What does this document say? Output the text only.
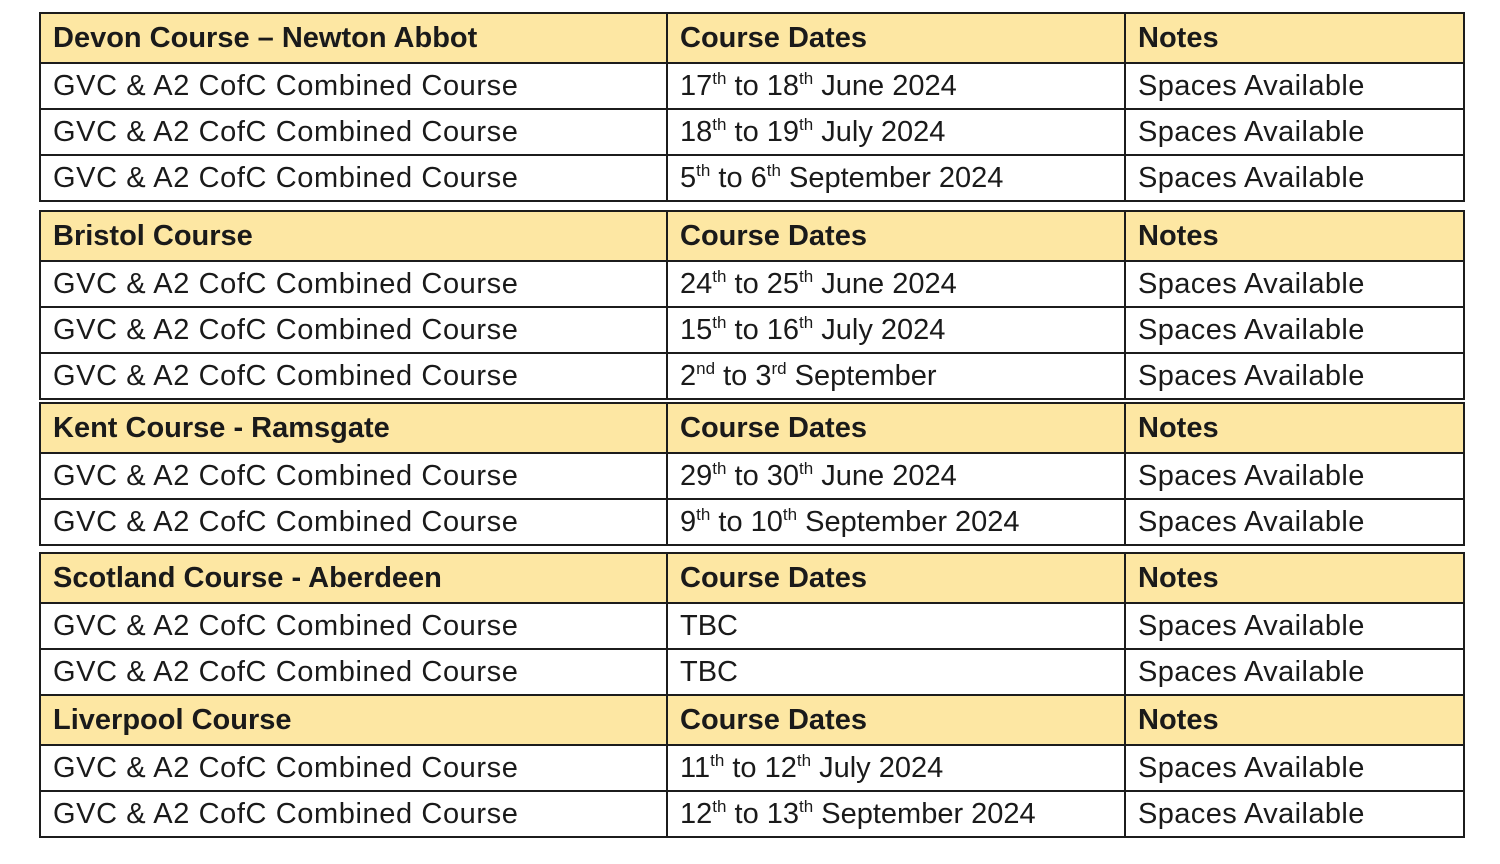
Devon Course – Newton Abbot	Course Dates	Notes
GVC & A2 CofC Combined Course	17th to 18th June 2024	Spaces Available
GVC & A2 CofC Combined Course	18th to 19th July 2024	Spaces Available
GVC & A2 CofC Combined Course	5th to 6th September 2024	Spaces Available
Bristol Course	Course Dates	Notes
GVC & A2 CofC Combined Course	24th to 25th June 2024	Spaces Available
GVC & A2 CofC Combined Course	15th to 16th July 2024	Spaces Available
GVC & A2 CofC Combined Course	2nd to 3rd September	Spaces Available
Kent Course - Ramsgate	Course Dates	Notes
GVC & A2 CofC Combined Course	29th to 30th June 2024	Spaces Available
GVC & A2 CofC Combined Course	9th to 10th September 2024	Spaces Available
Scotland Course - Aberdeen	Course Dates	Notes
GVC & A2 CofC Combined Course	TBC	Spaces Available
GVC & A2 CofC Combined Course	TBC	Spaces Available
Liverpool Course	Course Dates	Notes
GVC & A2 CofC Combined Course	11th to 12th July 2024	Spaces Available
GVC & A2 CofC Combined Course	12th to 13th September 2024	Spaces Available
